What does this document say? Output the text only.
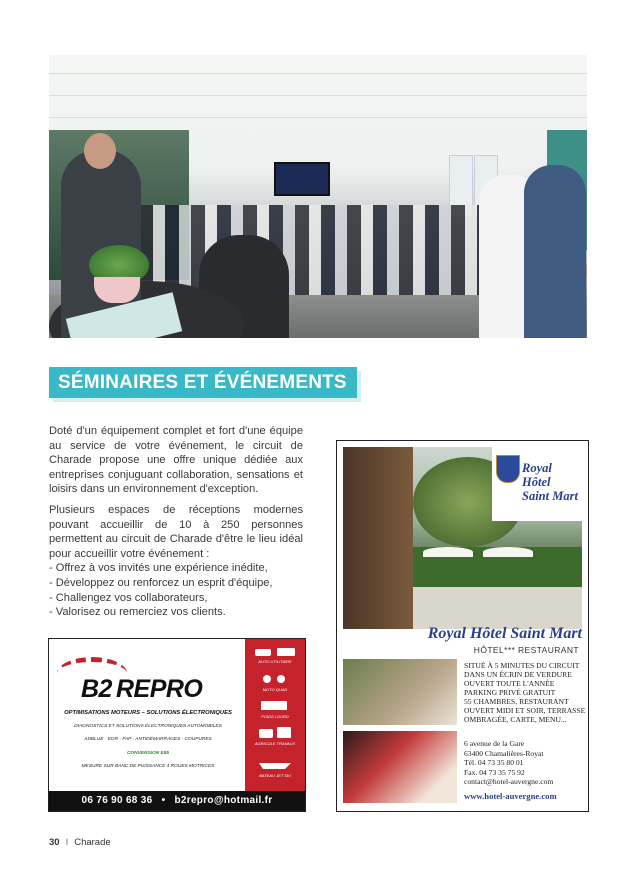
SÉMINAIRES ET ÉVÉNEMENTS

Doté d'un équipement complet et fort d'une équipe au service de votre événement, le circuit de Charade propose une offre unique dédiée aux entreprises conjuguant collaboration, sensations et loisirs dans un environnement d'exception.

Plusieurs espaces de réceptions modernes pouvant accueillir de 10 à 250 personnes permettent au circuit de Charade d'être le lieu idéal pour accueillir votre événement :

- Offrez à vos invités une expérience inédite,
- Développez ou renforcez un esprit d'équipe,
- Challengez vos collaborateurs,
- Valorisez ou remerciez vos clients.
B2 REPRO
OPTIMISATIONS MOTEURS – SOLUTIONS ÉLECTRONIQUES
DIAGNOSTICS ET SOLUTIONS ÉLECTRONIQUES AUTOMOBILES
ADBLUE · EGR · FAP · ANTIDÉMARRAGES · COUPURES
CONVERSION E85
MESURE SUR BANC DE PUISSANCE 4 ROUES MOTRICES
AUTO UTILITAIRE
MOTO QUAD
POIDS LOURD
AGRICOLE TRAVAUX
BATEAU JET SKI
06 76 90 68 36 • b2repro@hotmail.fr
Royal Hôtel
Saint Mart
Royal Hôtel Saint Mart
HÔTEL*** RESTAURANT
SITUÉ À 5 MINUTES DU CIRCUIT
DANS UN ÉCRIN DE VERDURE
OUVERT TOUTE L'ANNÉE
PARKING PRIVÉ GRATUIT
55 CHAMBRES, RESTAURANT
OUVERT MIDI ET SOIR, TERRASSE
OMBRAGÉE, CARTE, MENU...
6 avenue de la Gare
63400 Chamalières-Royat
Tél. 04 73 35 80 01
Fax. 04 73 35 75 92
contact@hotel-auvergne.com
www.hotel-auvergne.com
30 I Charade
